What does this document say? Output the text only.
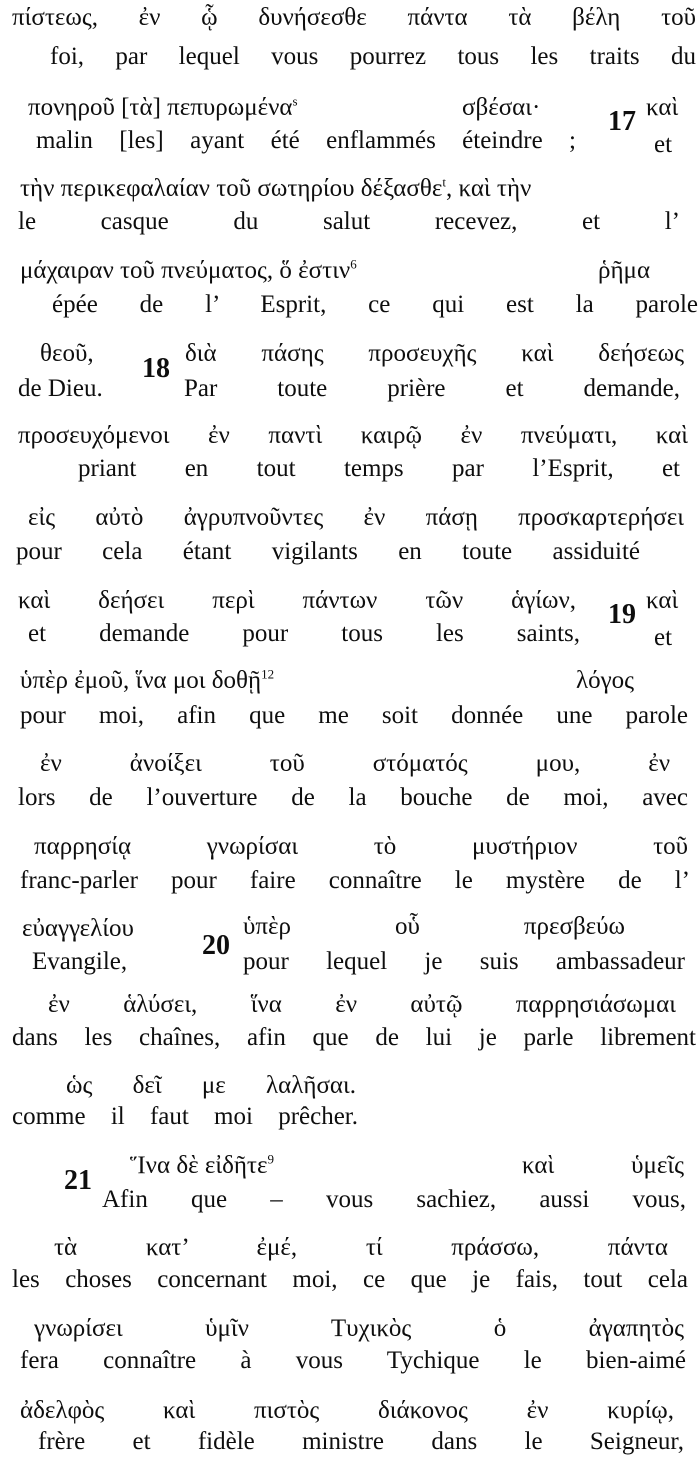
πίστεως, ἐν ᾧ δυνήσεσθε πάντα τὰ βέλη τοῦ
foi, par lequel vous pourrez tous les traits du
πονηροῦ [τὰ] πεπυρωμένα$^s$	σβέσαι·	καὶ
17
malin [les] ayant été enflammés éteindre ;	et
τὴν περικεφαλαίαν τοῦ σωτηρίου δέξασθε$^t$, καὶ τὴν
le casque du salut recevez, et l’
μάχαιραν τοῦ πνεύματος, ὅ ἐστιν$^6$	ῥῆμα
épée de l’ Esprit, ce qui est la parole
θεοῦ,	διὰ πάσης προσευχῆς καὶ δεήσεως
18
de Dieu.	Par toute prière et demande,
προσευχόμενοι ἐν παντὶ καιρῷ ἐν πνεύματι, καὶ
priant en tout temps par l’Esprit, et
εἰς αὐτὸ ἀγρυπνοῦντες ἐν πάσῃ προσκαρτερήσει
pour cela étant vigilants en toute assiduité
καὶ δεήσει περὶ πάντων τῶν ἁγίων,	καὶ
19
et demande pour tous les saints,	et
ὑπὲρ ἐμοῦ, ἵνα μοι δοθῇ$^{12}$	λόγος
pour moi, afin que me soit donnée une parole
ἐν ἀνοίξει τοῦ στόματός μου, ἐν
lors de l’ouverture de la bouche de moi, avec
παρρησίᾳ γνωρίσαι τὸ μυστήριον τοῦ
franc-parler pour faire connaître le mystère de l’
εὐαγγελίου	ὑπὲρ οὗ πρεσβεύω
20
Evangile,	pour lequel je suis ambassadeur
ἐν ἁλύσει, ἵνα ἐν αὐτῷ παρρησιάσωμαι
dans les chaînes, afin que de lui je parle librement
ὡς δεῖ με λαλῆσαι.
comme il faut moi prêcher.
Ἵνα δὲ εἰδῆτε$^9$	καὶ ὑμεῖς
21
Afin que – vous sachiez, aussi vous,
τὰ κατ’ ἐμέ, τί πράσσω, πάντα
les choses concernant moi, ce que je fais, tout cela
γνωρίσει ὑμῖν Τυχικὸς ὁ ἀγαπητὸς
fera connaître à vous Tychique le bien-aimé
ἀδελφὸς καὶ πιστὸς διάκονος ἐν κυρίῳ,
frère et fidèle ministre dans le Seigneur,
